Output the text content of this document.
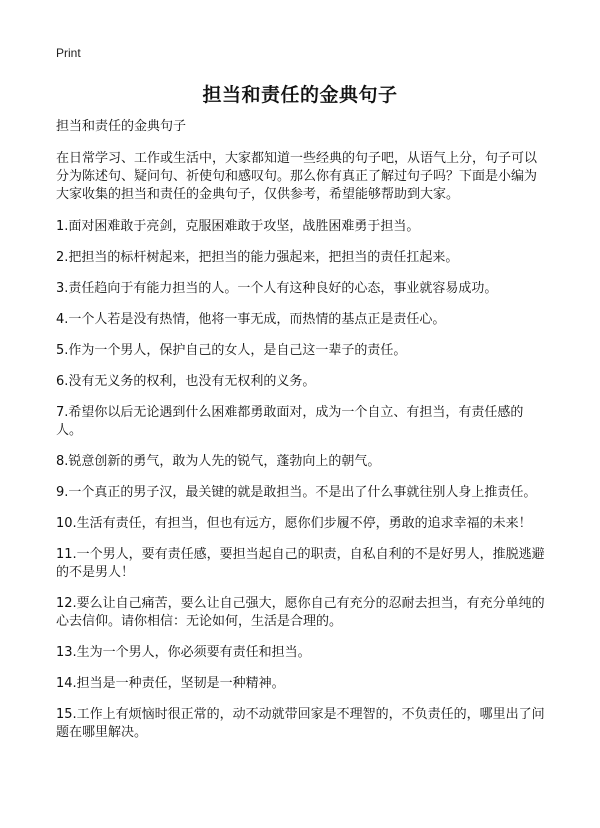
Print
担当和责任的金典句子

担当和责任的金典句子

在日常学习、工作或生活中，大家都知道一些经典的句子吧，从语气上分，句子可以分为陈述句、疑问句、祈使句和感叹句。那么你有真正了解过句子吗？下面是小编为大家收集的担当和责任的金典句子，仅供参考，希望能够帮助到大家。

1.面对困难敢于亮剑，克服困难敢于攻坚，战胜困难勇于担当。

2.把担当的标杆树起来，把担当的能力强起来，把担当的责任扛起来。

3.责任趋向于有能力担当的人。一个人有这种良好的心态，事业就容易成功。

4.一个人若是没有热情，他将一事无成，而热情的基点正是责任心。

5.作为一个男人，保护自己的女人，是自己这一辈子的责任。

6.没有无义务的权利，也没有无权利的义务。

7.希望你以后无论遇到什么困难都勇敢面对，成为一个自立、有担当，有责任感的人。

8.锐意创新的勇气，敢为人先的锐气，蓬勃向上的朝气。

9.一个真正的男子汉，最关键的就是敢担当。不是出了什么事就往别人身上推责任。

10.生活有责任，有担当，但也有远方，愿你们步履不停，勇敢的追求幸福的未来！

11.一个男人，要有责任感，要担当起自己的职责，自私自利的不是好男人，推脱逃避的不是男人！

12.要么让自己痛苦，要么让自己强大，愿你自己有充分的忍耐去担当，有充分单纯的心去信仰。请你相信：无论如何，生活是合理的。

13.生为一个男人，你必须要有责任和担当。

14.担当是一种责任，坚韧是一种精神。

15.工作上有烦恼时很正常的，动不动就带回家是不理智的，不负责任的，哪里出了问题在哪里解决。
